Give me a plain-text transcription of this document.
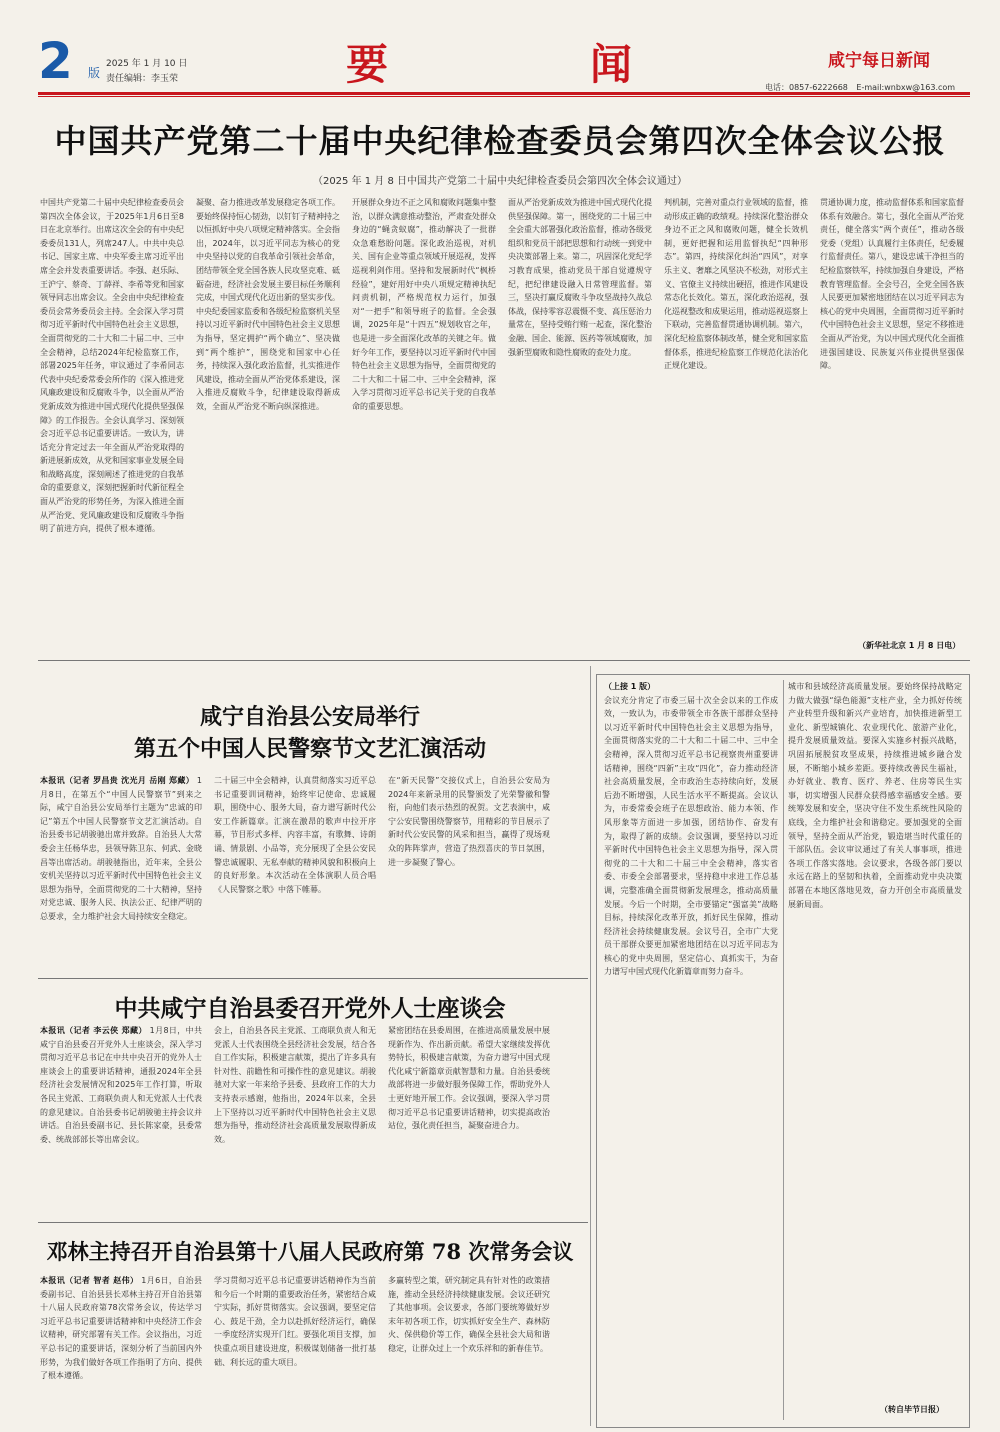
2 版
2025 年 1 月 10 日
责任编辑：李玉荣	要	闻	咸宁每日新闻
电话：0857-6222668 E-mail:wnbxw@163.com
中国共产党第二十届中央纪律检查委员会第四次全体会议公报
（2025 年 1 月 8 日中国共产党第二十届中央纪律检查委员会第四次全体会议通过）
中国共产党第二十届中央纪律检查委员会第四次全体会议，于2025年1月6日至8日在北京举行。出席这次全会的有中央纪委委员131人，列席247人。中共中央总书记、国家主席、中央军委主席习近平出席全会并发表重要讲话。李强、赵乐际、王沪宁、蔡奇、丁薛祥、李希等党和国家领导同志出席会议。全会由中央纪律检查委员会常务委员会主持。全会深入学习贯彻习近平新时代中国特色社会主义思想，全面贯彻党的二十大和二十届二中、三中全会精神，总结2024年纪检监察工作，部署2025年任务，审议通过了李希同志代表中央纪委常委会所作的《深入推进党风廉政建设和反腐败斗争，以全面从严治党新成效为推进中国式现代化提供坚强保障》的工作报告。全会认真学习、深刻领会习近平总书记重要讲话。一致认为，讲话充分肯定过去一年全面从严治党取得的新进展新成效，从党和国家事业发展全局和战略高度，深刻阐述了推进党的自我革命的重要意义，深刻把握新时代新征程全面从严治党的形势任务，为深入推进全面从严治党、党风廉政建设和反腐败斗争指明了前进方向，提供了根本遵循。
凝聚、奋力推进改革发展稳定各项工作。要始终保持恒心韧劲，以钉钉子精神持之以恒抓好中央八项规定精神落实。全会指出，2024年，以习近平同志为核心的党中央坚持以党的自我革命引领社会革命，团结带领全党全国各族人民攻坚克难、砥砺奋进，经济社会发展主要目标任务顺利完成，中国式现代化迈出新的坚实步伐。中央纪委国家监委和各级纪检监察机关坚持以习近平新时代中国特色社会主义思想为指导，坚定拥护“两个确立”、坚决做到“两个维护”，围绕党和国家中心任务，持续深入强化政治监督，扎实推进作风建设，推动全面从严治党体系建设，深入推进反腐败斗争，纪律建设取得新成效，全面从严治党不断向纵深推进。
开展群众身边不正之风和腐败问题集中整治，以群众满意推动整治，严肃查处群众身边的“蝇贪蚁腐”，推动解决了一批群众急难愁盼问题。深化政治巡视，对机关、国有企业等重点领域开展巡视，发挥巡视利剑作用。坚持和发展新时代“枫桥经验”，建好用好中央八项规定精神执纪问责机制，严格规范权力运行，加强对“一把手”和领导班子的监督。全会强调，2025年是“十四五”规划收官之年，也是进一步全面深化改革的关键之年。做好今年工作，要坚持以习近平新时代中国特色社会主义思想为指导，全面贯彻党的二十大和二十届二中、三中全会精神，深入学习贯彻习近平总书记关于党的自我革命的重要思想。
面从严治党新成效为推进中国式现代化提供坚强保障。第一，围绕党的二十届三中全会重大部署强化政治监督，推动各级党组织和党员干部把思想和行动统一到党中央决策部署上来。第二，巩固深化党纪学习教育成果，推动党员干部自觉遵规守纪，把纪律建设融入日常管理监督。第三，坚决打赢反腐败斗争攻坚战持久战总体战，保持零容忍震慑不变、高压惩治力量常在，坚持受贿行贿一起查，深化整治金融、国企、能源、医药等领域腐败，加强新型腐败和隐性腐败的查处力度。
判机制，完善对重点行业领域的监督，推动形成正确的政绩观。持续深化整治群众身边不正之风和腐败问题，健全长效机制，更好把握和运用监督执纪“四种形态”。第四，持续深化纠治“四风”，对享乐主义、奢靡之风坚决不松劲，对形式主义、官僚主义持续出硬招，推进作风建设常态化长效化。第五，深化政治巡视，强化巡视整改和成果运用，推动巡视巡察上下联动，完善监督贯通协调机制。第六，深化纪检监察体制改革，健全党和国家监督体系，推进纪检监察工作规范化法治化正规化建设。
贯通协调力度，推动监督体系和国家监督体系有效融合。第七，强化全面从严治党责任，健全落实“两个责任”，推动各级党委（党组）认真履行主体责任，纪委履行监督责任。第八，建设忠诚干净担当的纪检监察铁军，持续加强自身建设，严格教育管理监督。全会号召，全党全国各族人民要更加紧密地团结在以习近平同志为核心的党中央周围，全面贯彻习近平新时代中国特色社会主义思想，坚定不移推进全面从严治党，为以中国式现代化全面推进强国建设、民族复兴伟业提供坚强保障。
（新华社北京 1 月 8 日电）
咸宁自治县公安局举行
第五个中国人民警察节文艺汇演活动
本报讯（记者 罗昌贵 沈光月 岳刚 郑藏） 1月8日，在第五个“中国人民警察节”到来之际，咸宁自治县公安局举行主题为“忠诚的印记”第五个中国人民警察节文艺汇演活动。自治县委书记胡骏驰出席并致辞。自治县人大常委会主任杨华忠，县领导陈卫东、何武、金晓昌等出席活动。胡骏驰指出，近年来，全县公安机关坚持以习近平新时代中国特色社会主义思想为指导，全面贯彻党的二十大精神，坚持对党忠诚、服务人民、执法公正、纪律严明的总要求，全力维护社会大局持续安全稳定。
二十届三中全会精神，认真贯彻落实习近平总书记重要训词精神，始终牢记使命、忠诚履职，围绕中心、服务大局，奋力谱写新时代公安工作新篇章。汇演在激昂的歌声中拉开序幕，节目形式多样、内容丰富，有歌舞、诗朗诵、情景剧、小品等，充分展现了全县公安民警忠诚履职、无私奉献的精神风貌和积极向上的良好形象。本次活动在全体演职人员合唱《人民警察之歌》中落下帷幕。
在“新天民警”交接仪式上，自治县公安局为2024年来新录用的民警颁发了光荣警徽和警衔，向他们表示热烈的祝贺。文艺表演中，咸宁公安民警围绕警察节，用精彩的节目展示了新时代公安民警的风采和担当，赢得了现场观众的阵阵掌声，营造了热烈喜庆的节日氛围，进一步凝聚了警心。
中共咸宁自治县委召开党外人士座谈会
本报讯（记者 李云侠 郑藏） 1月8日，中共咸宁自治县委召开党外人士座谈会，深入学习贯彻习近平总书记在中共中央召开的党外人士座谈会上的重要讲话精神，通报2024年全县经济社会发展情况和2025年工作打算，听取各民主党派、工商联负责人和无党派人士代表的意见建议。自治县委书记胡骏驰主持会议并讲话。自治县委副书记、县长陈家豪，县委常委、统战部部长等出席会议。
会上，自治县各民主党派、工商联负责人和无党派人士代表围绕全县经济社会发展，结合各自工作实际，积极建言献策，提出了许多具有针对性、前瞻性和可操作性的意见建议。胡骏驰对大家一年来给予县委、县政府工作的大力支持表示感谢，他指出，2024年以来，全县上下坚持以习近平新时代中国特色社会主义思想为指导，推动经济社会高质量发展取得新成效。
紧密团结在县委周围，在推进高质量发展中展现新作为、作出新贡献。希望大家继续发挥优势特长，积极建言献策，为奋力谱写中国式现代化咸宁新篇章贡献智慧和力量。自治县委统战部将进一步做好服务保障工作，帮助党外人士更好地开展工作。会议强调，要深入学习贯彻习近平总书记重要讲话精神，切实提高政治站位，强化责任担当，凝聚奋进合力。
邓林主持召开自治县第十八届人民政府第 78 次常务会议
本报讯（记者 智者 赵伟） 1月6日，自治县委副书记、自治县县长邓林主持召开自治县第十八届人民政府第78次常务会议，传达学习习近平总书记重要讲话精神和中央经济工作会议精神，研究部署有关工作。会议指出，习近平总书记的重要讲话，深刻分析了当前国内外形势，为我们做好各项工作指明了方向、提供了根本遵循。
学习贯彻习近平总书记重要讲话精神作为当前和今后一个时期的重要政治任务，紧密结合咸宁实际，抓好贯彻落实。会议强调，要坚定信心、鼓足干劲，全力以赴抓好经济运行，确保一季度经济实现开门红。要强化项目支撑，加快重点项目建设进度，积极谋划储备一批打基础、利长远的重大项目。
多赢转型之策，研究制定具有针对性的政策措施，推动全县经济持续健康发展。会议还研究了其他事项。会议要求，各部门要统筹做好岁末年初各项工作，切实抓好安全生产、森林防火、保供稳价等工作，确保全县社会大局和谐稳定，让群众过上一个欢乐祥和的新春佳节。
（上接 1 版）
会议充分肯定了市委三届十次全会以来的工作成效，一致认为，市委带领全市各族干部群众坚持以习近平新时代中国特色社会主义思想为指导，全面贯彻落实党的二十大和二十届二中、三中全会精神，深入贯彻习近平总书记视察贵州重要讲话精神，围绕“四新”主攻“四化”，奋力推动经济社会高质量发展，全市政治生态持续向好，发展后劲不断增强，人民生活水平不断提高。会议认为，市委常委会班子在思想政治、能力本领、作风形象等方面进一步加强，团结协作、奋发有为，取得了新的成绩。会议强调，要坚持以习近平新时代中国特色社会主义思想为指导，深入贯彻党的二十大和二十届三中全会精神，落实省委、市委全会部署要求，坚持稳中求进工作总基调，完整准确全面贯彻新发展理念，推动高质量发展。今后一个时期，全市要锚定“强富美”战略目标，持续深化改革开放，抓好民生保障，推动经济社会持续健康发展。会议号召，全市广大党员干部群众要更加紧密地团结在以习近平同志为核心的党中央周围，坚定信心、真抓实干，为奋力谱写中国式现代化新篇章而努力奋斗。
城市和县域经济高质量发展。要始终保持战略定力做大做强“绿色能源”支柱产业，全力抓好传统产业转型升级和新兴产业培育，加快推进新型工业化、新型城镇化、农业现代化、旅游产业化，提升发展质量效益。要深入实施乡村振兴战略，巩固拓展脱贫攻坚成果，持续推进城乡融合发展，不断缩小城乡差距。要持续改善民生福祉，办好就业、教育、医疗、养老、住房等民生实事，切实增强人民群众获得感幸福感安全感。要统筹发展和安全，坚决守住不发生系统性风险的底线，全力维护社会和谐稳定。要加强党的全面领导，坚持全面从严治党，锻造堪当时代重任的干部队伍。会议审议通过了有关人事事项，推进各项工作落实落地。会议要求，各级各部门要以永远在路上的坚韧和执着，全面推动党中央决策部署在本地区落地见效，奋力开创全市高质量发展新局面。
（转自毕节日报）
